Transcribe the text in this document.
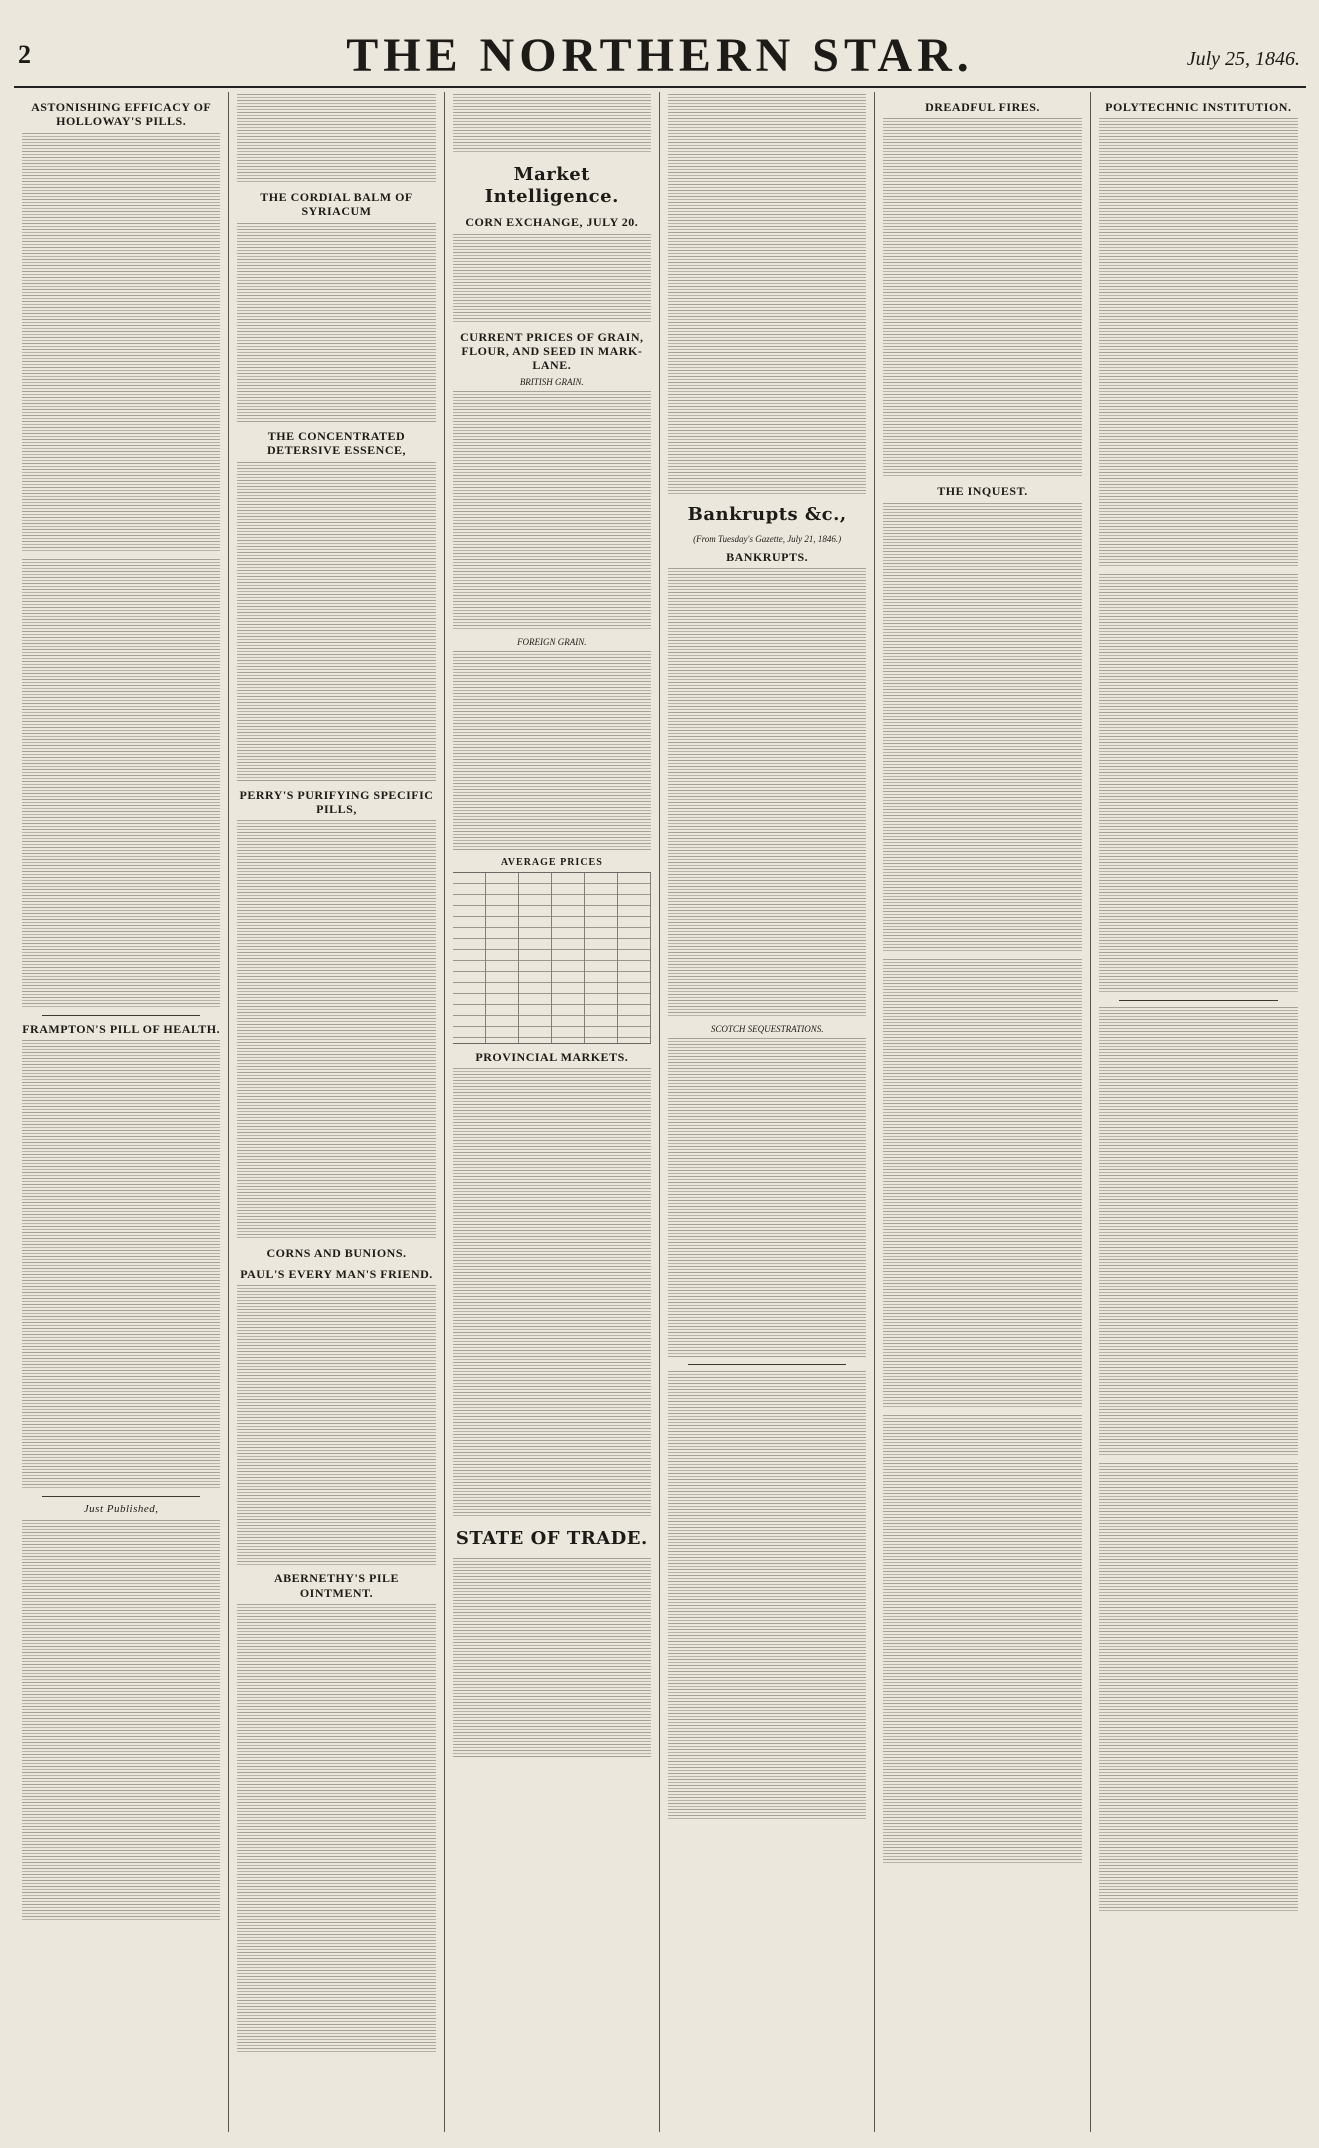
2	THE NORTHERN STAR.	July 25, 1846.
ASTONISHING EFFICACY OF HOLLOWAY'S PILLS.
FRAMPTON'S PILL OF HEALTH.
Just Published,
THE CORDIAL BALM OF SYRIACUM
THE CONCENTRATED DETERSIVE ESSENCE,
PERRY'S PURIFYING SPECIFIC PILLS,
CORNS AND BUNIONS.
PAUL'S EVERY MAN'S FRIEND.
ABERNETHY'S PILE OINTMENT.
Market Intelligence.
CORN EXCHANGE, JULY 20.
CURRENT PRICES OF GRAIN, FLOUR, AND SEED IN MARK-LANE.
BRITISH GRAIN.
FOREIGN GRAIN.
AVERAGE PRICES
PROVINCIAL MARKETS.
STATE OF TRADE.
Bankrupts &c.,
(From Tuesday's Gazette, July 21, 1846.)
BANKRUPTS.
SCOTCH SEQUESTRATIONS.
DREADFUL FIRES.
THE INQUEST.
POLYTECHNIC INSTITUTION.
